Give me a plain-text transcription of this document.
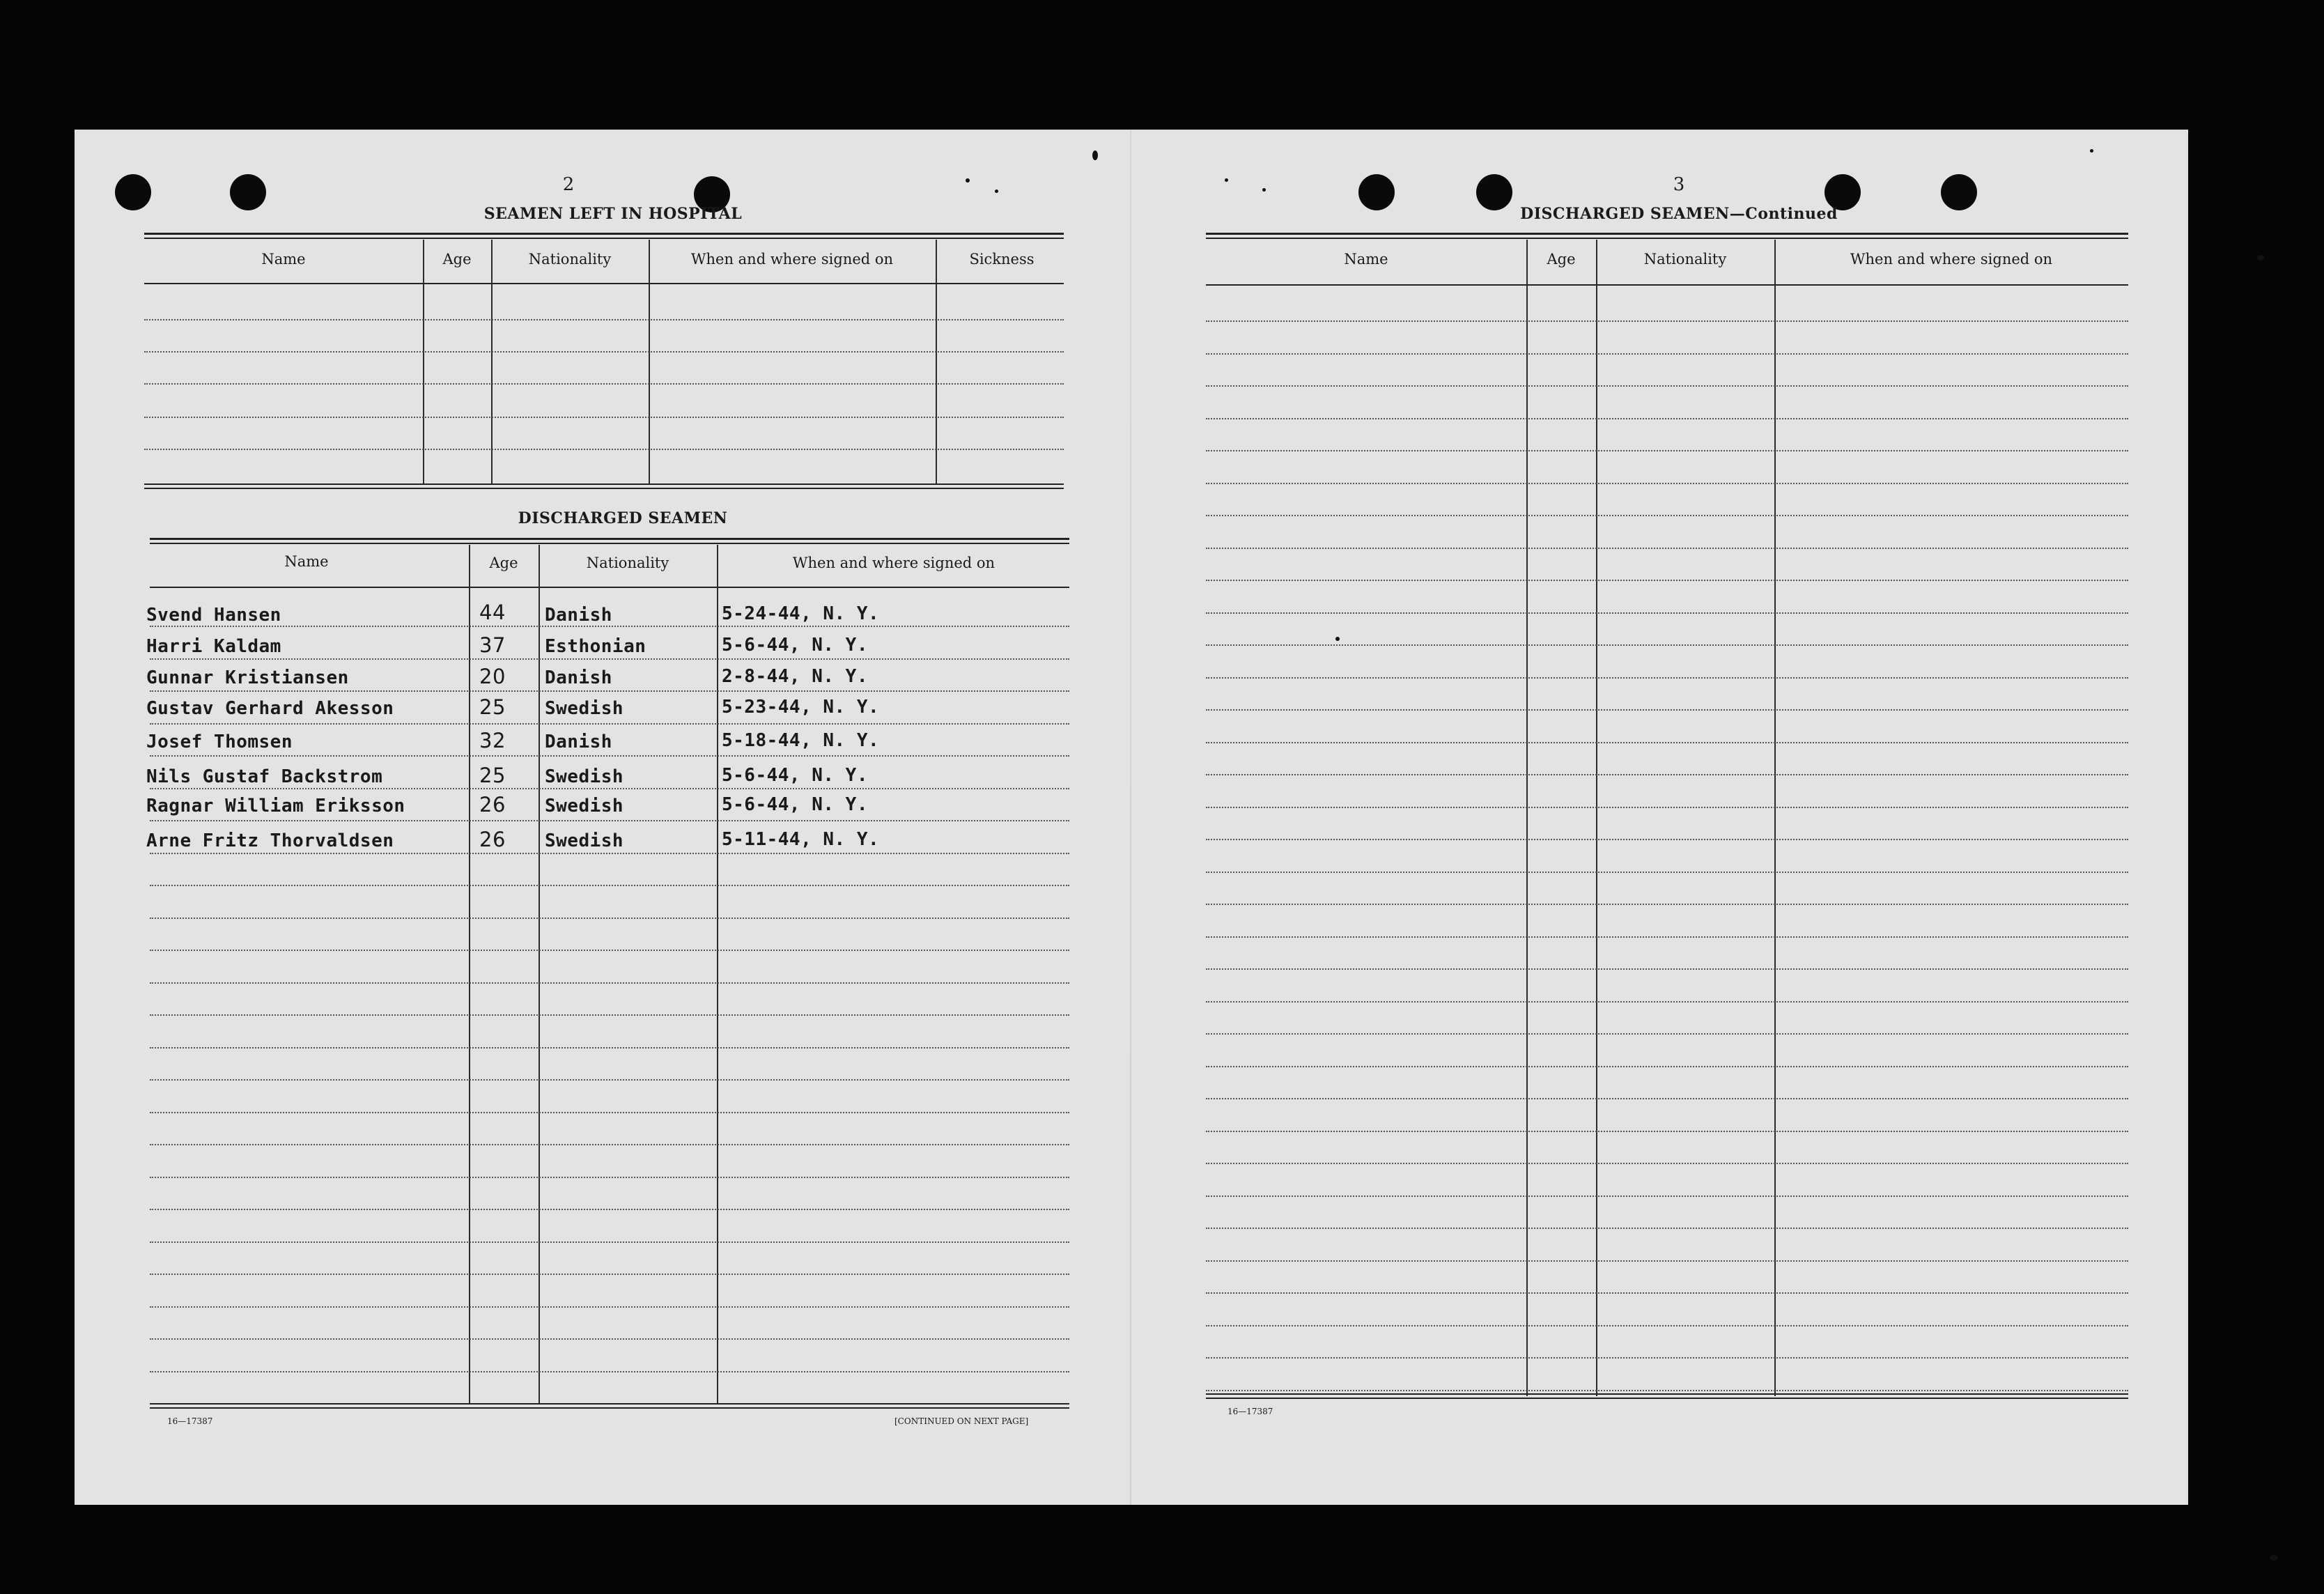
2
SEAMEN LEFT IN HOSPITAL
Name	Age	Nationality	When and where signed on	Sickness
DISCHARGED SEAMEN
Name	Age	Nationality	When and where signed on
Svend Hansen	44 Danish	5-24-44, N. Y.
Harri Kaldam	37 Esthonian	5-6-44, N. Y.
Gunnar Kristiansen	20 Danish	2-8-44, N. Y.
Gustav Gerhard Akesson	25 Swedish	5-23-44, N. Y.
Josef Thomsen	32 Danish	5-18-44, N. Y.
Nils Gustaf Backstrom	25 Swedish	5-6-44, N. Y.
Ragnar William Eriksson	26 Swedish	5-6-44, N. Y.
Arne Fritz Thorvaldsen	26 Swedish	5-11-44, N. Y.
16—17387	[CONTINUED ON NEXT PAGE]
3
DISCHARGED SEAMEN—Continued
Name	Age	Nationality	When and where signed on
16—17387
